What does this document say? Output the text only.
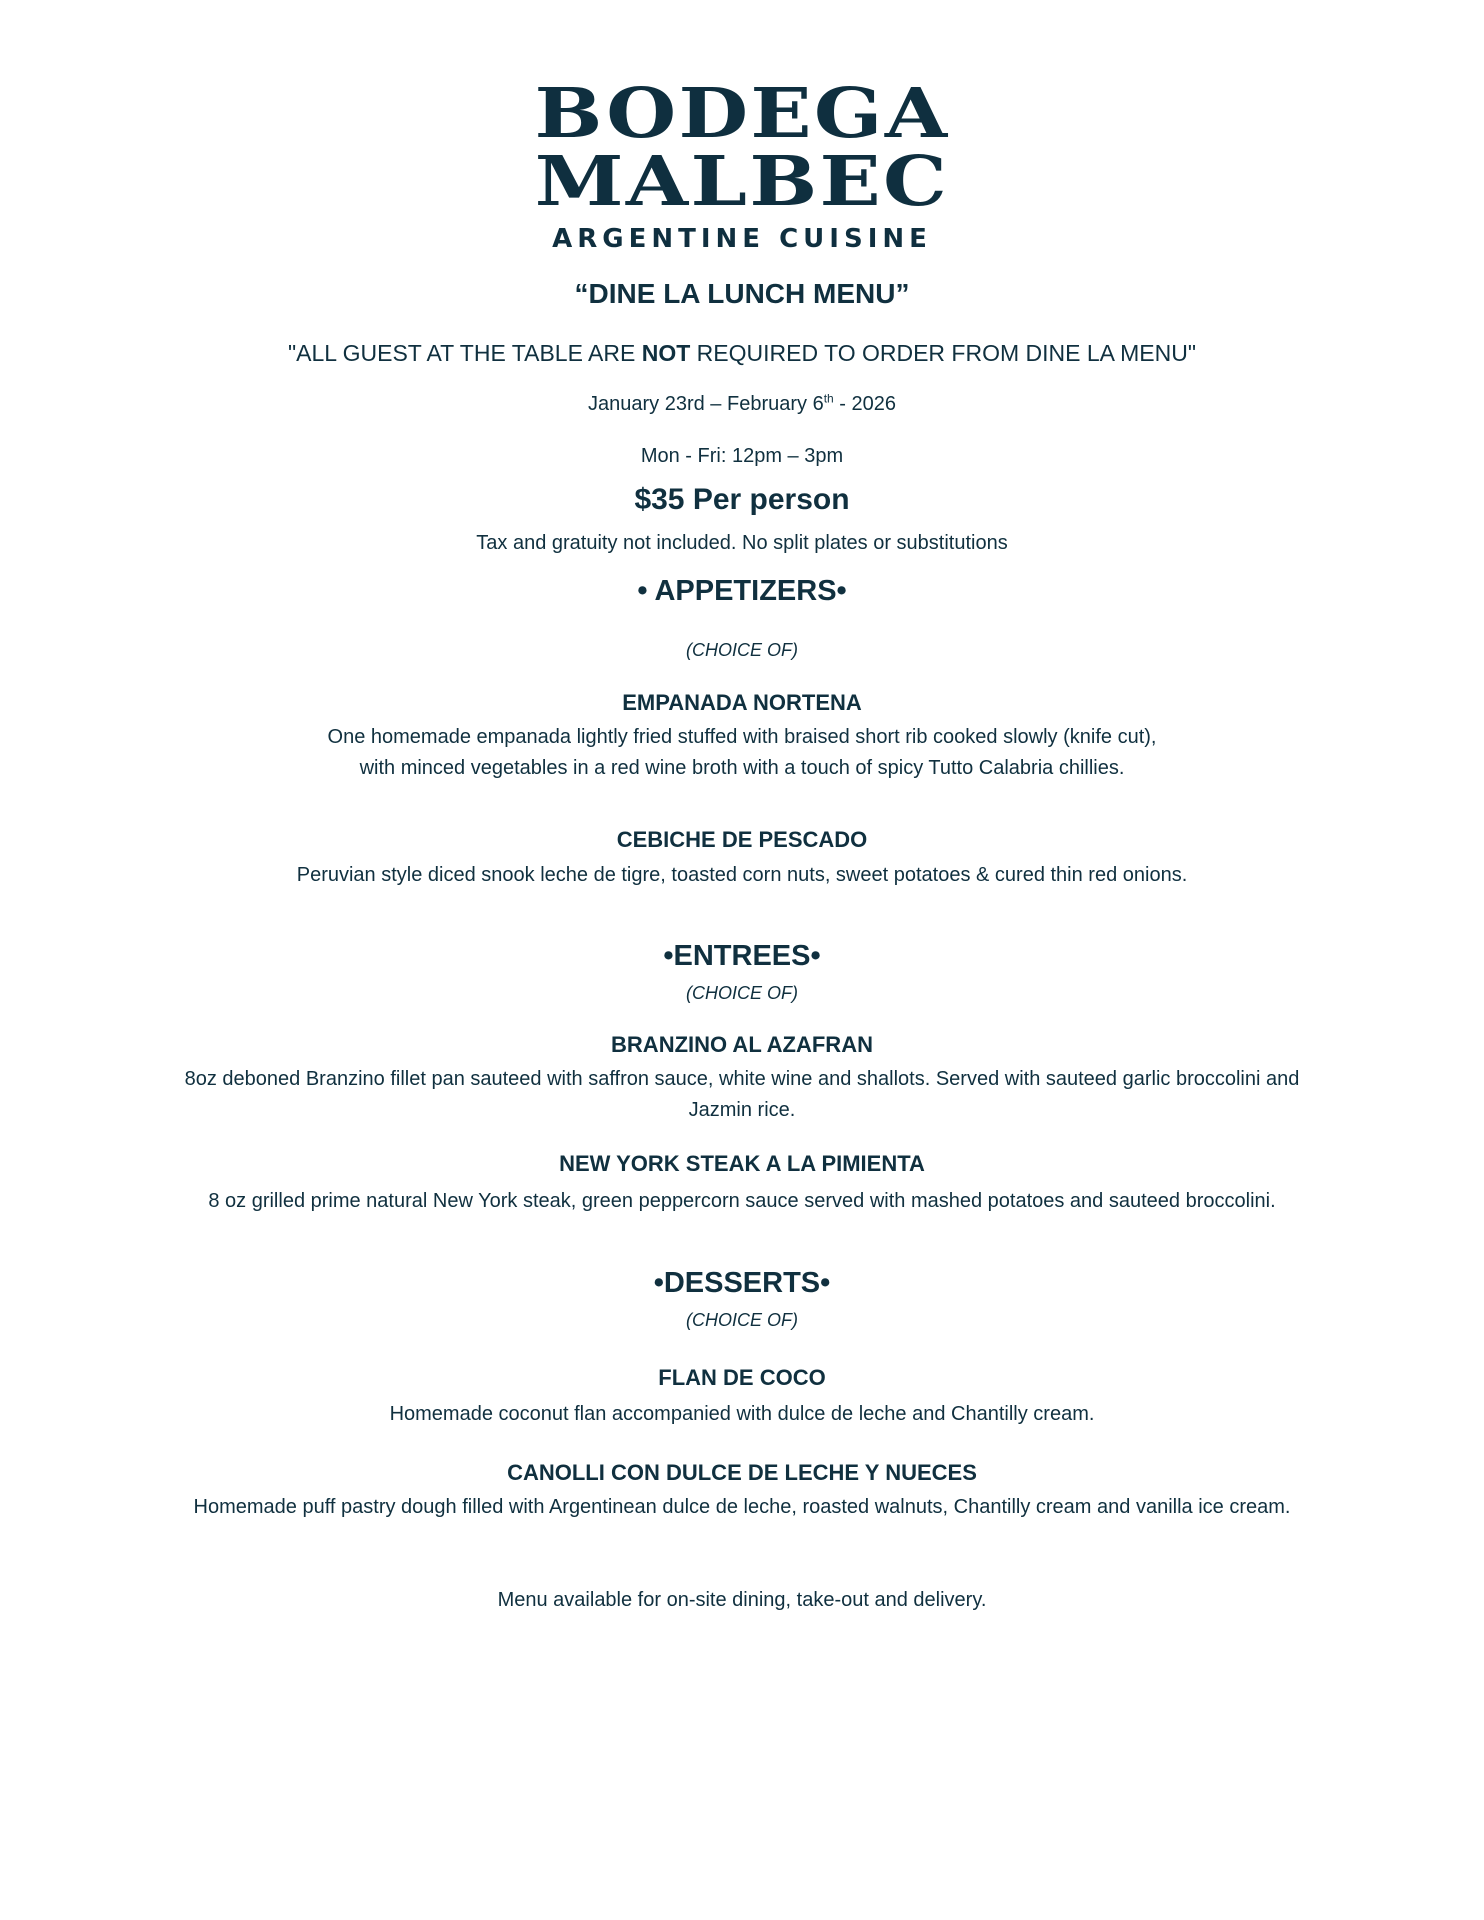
BODEGA
MALBEC
ARGENTINE CUISINE
“DINE LA LUNCH MENU”
"ALL GUEST AT THE TABLE ARE NOT REQUIRED TO ORDER FROM DINE LA MENU"
January 23rd – February 6th - 2026
Mon - Fri: 12pm – 3pm
$35 Per person
Tax and gratuity not included. No split plates or substitutions
• APPETIZERS•
(CHOICE OF)
EMPANADA NORTENA
One homemade empanada lightly fried stuffed with braised short rib cooked slowly (knife cut),
with minced vegetables in a red wine broth with a touch of spicy Tutto Calabria chillies.
CEBICHE DE PESCADO
Peruvian style diced snook leche de tigre, toasted corn nuts, sweet potatoes & cured thin red onions.
•ENTREES•
(CHOICE OF)
BRANZINO AL AZAFRAN
8oz deboned Branzino fillet pan sauteed with saffron sauce, white wine and shallots. Served with sauteed garlic broccolini and
Jazmin rice.
NEW YORK STEAK A LA PIMIENTA
8 oz grilled prime natural New York steak, green peppercorn sauce served with mashed potatoes and sauteed broccolini.
•DESSERTS•
(CHOICE OF)
FLAN DE COCO
Homemade coconut flan accompanied with dulce de leche and Chantilly cream.
CANOLLI CON DULCE DE LECHE Y NUECES
Homemade puff pastry dough filled with Argentinean dulce de leche, roasted walnuts, Chantilly cream and vanilla ice cream.
Menu available for on-site dining, take-out and delivery.
